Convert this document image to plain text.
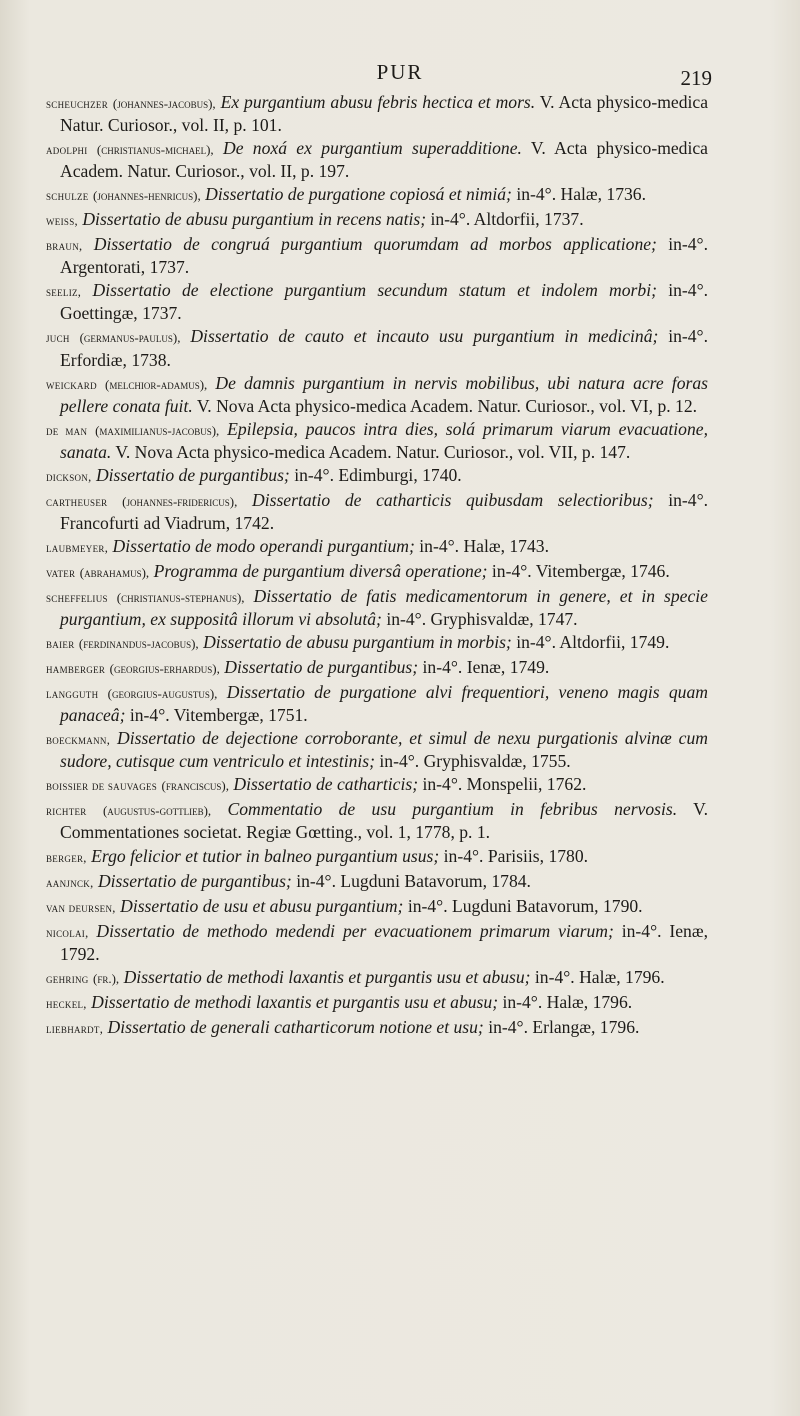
PUR	219

scheuchzer (johannes-jacobus), Ex purgantium abusu febris hectica et mors. V. Acta physico-medica Natur. Curiosor., vol. II, p. 101.

adolphi (christianus-michael), De noxá ex purgantium superadditione. V. Acta physico-medica Academ. Natur. Curiosor., vol. II, p. 197.

schulze (johannes-henricus), Dissertatio de purgatione copiosá et nimiá; in-4°. Halæ, 1736.

weiss, Dissertatio de abusu purgantium in recens natis; in-4°. Altdorfii, 1737.

braun, Dissertatio de congruá purgantium quorumdam ad morbos applicatione; in-4°. Argentorati, 1737.

seeliz, Dissertatio de electione purgantium secundum statum et indolem morbi; in-4°. Goettingæ, 1737.

juch (germanus-paulus), Dissertatio de cauto et incauto usu purgantium in medicinâ; in-4°. Erfordiæ, 1738.

weickard (melchior-adamus), De damnis purgantium in nervis mobilibus, ubi natura acre foras pellere conata fuit. V. Nova Acta physico-medica Academ. Natur. Curiosor., vol. VI, p. 12.

de man (maximilianus-jacobus), Epilepsia, paucos intra dies, solá primarum viarum evacuatione, sanata. V. Nova Acta physico-medica Academ. Natur. Curiosor., vol. VII, p. 147.

dickson, Dissertatio de purgantibus; in-4°. Edimburgi, 1740.

cartheuser (johannes-fridericus), Dissertatio de catharticis quibusdam selectioribus; in-4°. Francofurti ad Viadrum, 1742.

laubmeyer, Dissertatio de modo operandi purgantium; in-4°. Halæ, 1743.

vater (abrahamus), Programma de purgantium diversâ operatione; in-4°. Vitembergæ, 1746.

scheffelius (christianus-stephanus), Dissertatio de fatis medicamentorum in genere, et in specie purgantium, ex suppositâ illorum vi absolutâ; in-4°. Gryphisvaldæ, 1747.

baier (ferdinandus-jacobus), Dissertatio de abusu purgantium in morbis; in-4°. Altdorfii, 1749.

hamberger (georgius-erhardus), Dissertatio de purgantibus; in-4°. Ienæ, 1749.

langguth (georgius-augustus), Dissertatio de purgatione alvi frequentiori, veneno magis quam panaceâ; in-4°. Vitembergæ, 1751.

boeckmann, Dissertatio de dejectione corroborante, et simul de nexu purgationis alvinæ cum sudore, cutisque cum ventriculo et intestinis; in-4°. Gryphisvaldæ, 1755.

boissier de sauvages (franciscus), Dissertatio de catharticis; in-4°. Monspelii, 1762.

richter (augustus-gottlieb), Commentatio de usu purgantium in febribus nervosis. V. Commentationes societat. Regiæ Gœtting., vol. 1, 1778, p. 1.

berger, Ergo felicior et tutior in balneo purgantium usus; in-4°. Parisiis, 1780.

aanjnck, Dissertatio de purgantibus; in-4°. Lugduni Batavorum, 1784.

van deursen, Dissertatio de usu et abusu purgantium; in-4°. Lugduni Batavorum, 1790.

nicolai, Dissertatio de methodo medendi per evacuationem primarum viarum; in-4°. Ienæ, 1792.

gehring (fr.), Dissertatio de methodi laxantis et purgantis usu et abusu; in-4°. Halæ, 1796.

heckel, Dissertatio de methodi laxantis et purgantis usu et abusu; in-4°. Halæ, 1796.

liebhardt, Dissertatio de generali catharticorum notione et usu; in-4°. Erlangæ, 1796.
